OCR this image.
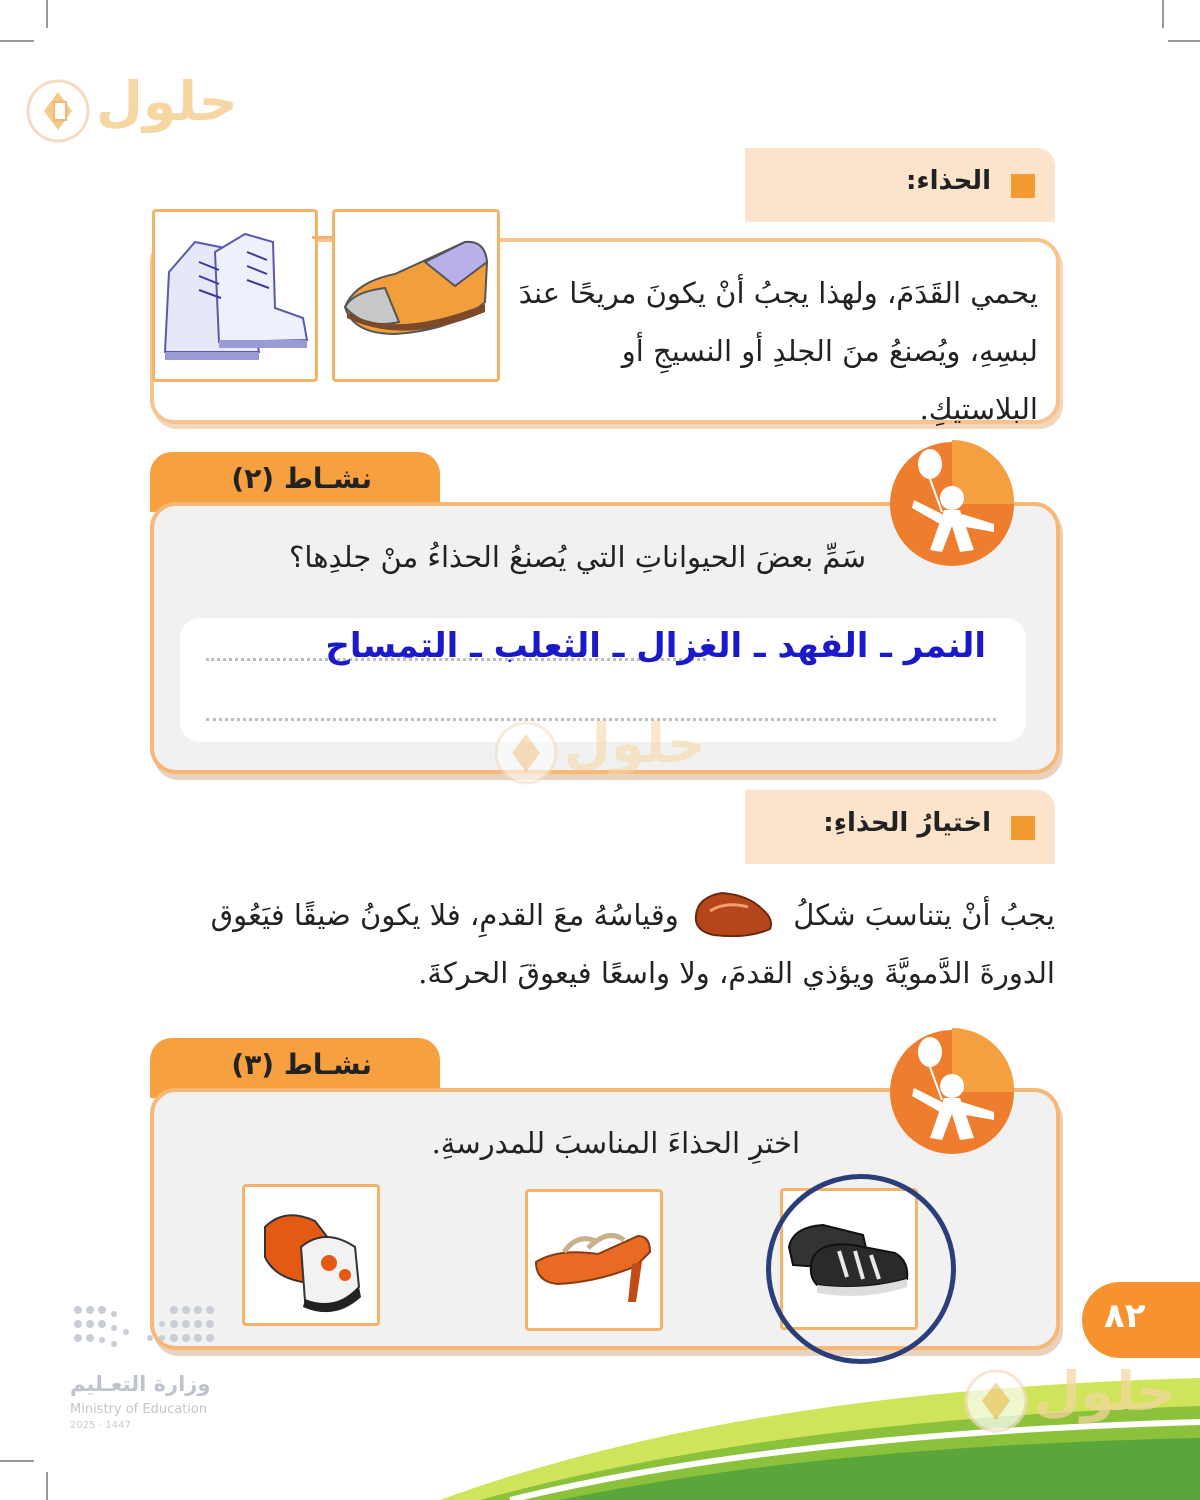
حلول
الحذاء:
يحمي القَدَمَ، ولهذا يجبُ أنْ يكونَ مريحًا عندَ
لبسِهِ، ويُصنعُ منَ الجلدِ أو النسيجِ أو البلاستيكِ.
نشـاط (٢)
سَمِّ بعضَ الحيواناتِ التي يُصنعُ الحذاءُ منْ جلدِها؟
النمر ـ الفهد ـ الغزال ـ الثعلب ـ التمساح
حلول
اختيارُ الحذاءِ:
يجبُ أنْ يتناسبَ شكلُ  وقياسُهُ معَ القدمِ، فلا يكونُ ضيقًا فيَعُوق
الدورةَ الدَّمويَّةَ ويؤذي القدمَ، ولا واسعًا فيعوقَ الحركةَ.
نشـاط (٣)
اخترِ الحذاءَ المناسبَ للمدرسةِ.
٨٢
وزارة التعـليم
Ministry of Education
2025 - 1447
حلول
